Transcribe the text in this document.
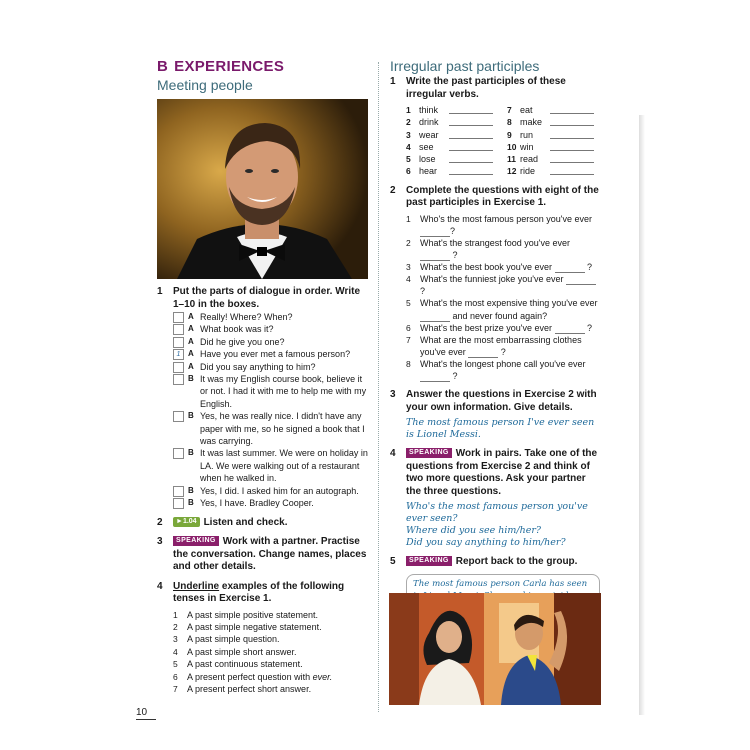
B EXPERIENCES
Meeting people
1	Put the parts of dialogue in order. Write 1–10 in the boxes.
A Really! Where? When?
A What book was it?
A Did he give you one?
1 A Have you ever met a famous person?
A Did you say anything to him?
B It was my English course book, believe it or not. I had it with me to help me with my English.
B Yes, he was really nice. I didn't have any paper with me, so he signed a book that I was carrying.
B It was last summer. We were on holiday in LA. We were walking out of a restaurant when he walked in.
B Yes, I did. I asked him for an autograph.
B Yes, I have. Bradley Cooper.
2	►1.04 Listen and check.
3	SPEAKING Work with a partner. Practise the conversation. Change names, places and other details.
4	Underline examples of the following tenses in Exercise 1.
1	A past simple positive statement.
2	A past simple negative statement.
3	A past simple question.
4	A past simple short answer.
5	A past continuous statement.
6	A present perfect question with ever.
7	A present perfect short answer.
10
Irregular past participles
1	Write the past participles of these irregular verbs.
1 think	7 eat
2 drink	8 make
3 wear	9 run
4 see	10 win
5 lose	11 read
6 hear	12 ride
2	Complete the questions with eight of the past participles in Exercise 1.
1	Who's the most famous person you've ever ?
2	What's the strangest food you've ever  ?
3	What's the best book you've ever	?
4	What's the funniest joke you've ever  ?
5	What's the most expensive thing you've ever  and never found again?
6	What's the best prize you've ever	?
7	What are the most embarrassing clothes you've ever	?
8	What's the longest phone call you've ever  ?
3	Answer the questions in Exercise 2 with your own information. Give details.
The most famous person I've ever seen is Lionel Messi.
4	SPEAKING Work in pairs. Take one of the questions from Exercise 2 and think of two more questions. Ask your partner the three questions.
Who's the most famous person you've ever seen?
Where did you see him/her?
Did you say anything to him/her?
5	SPEAKING Report back to the group.
The most famous person Carla has seen
